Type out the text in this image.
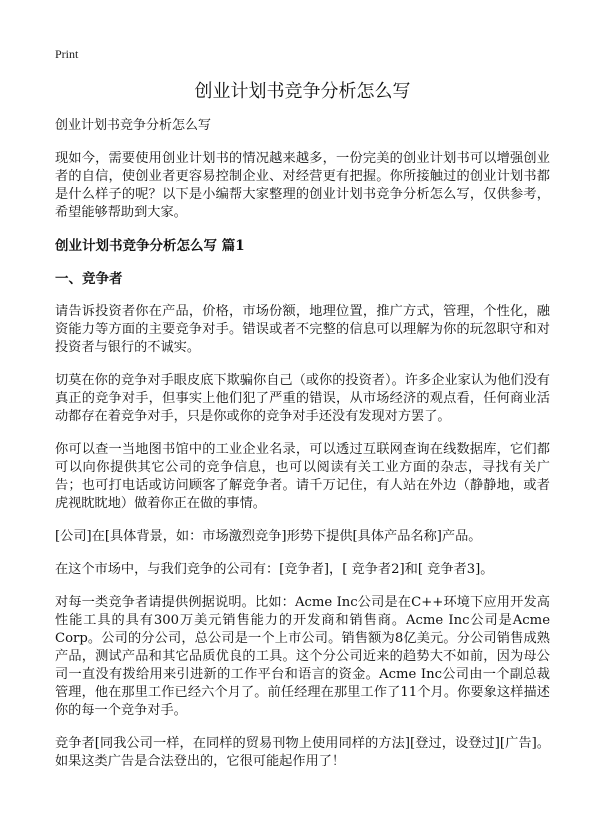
Print
创业计划书竞争分析怎么写
创业计划书竞争分析怎么写

现如今，需要使用创业计划书的情况越来越多，一份完美的创业计划书可以增强创业者的自信，使创业者更容易控制企业、对经营更有把握。你所接触过的创业计划书都是什么样子的呢？以下是小编帮大家整理的创业计划书竞争分析怎么写，仅供参考，希望能够帮助到大家。

创业计划书竞争分析怎么写 篇1
一、竞争者

请告诉投资者你在产品，价格，市场份额，地理位置，推广方式，管理，个性化，融资能力等方面的主要竞争对手。错误或者不完整的信息可以理解为你的玩忽职守和对投资者与银行的不诚实。

切莫在你的竞争对手眼皮底下欺骗你自己（或你的投资者）。许多企业家认为他们没有真正的竞争对手，但事实上他们犯了严重的错误，从市场经济的观点看，任何商业活动都存在着竞争对手，只是你或你的竞争对手还没有发现对方罢了。

你可以查一当地图书馆中的工业企业名录，可以透过互联网查询在线数据库，它们都可以向你提供其它公司的竞争信息，也可以阅读有关工业方面的杂志，寻找有关广告；也可打电话或访问顾客了解竞争者。请千万记住，有人站在外边（静静地，或者虎视眈眈地）做着你正在做的事情。

[公司]在[具体背景，如：市场激烈竞争]形势下提供[具体产品名称]产品。

在这个市场中，与我们竞争的公司有：[竞争者]，[ 竞争者2]和[ 竞争者3]。

对每一类竞争者请提供例据说明。比如：Acme Inc公司是在C++环境下应用开发高性能工具的具有300万美元销售能力的开发商和销售商。Acme Inc公司是Acme Corp。公司的分公司，总公司是一个上市公司。销售额为8亿美元。分公司销售成熟产品，测试产品和其它品质优良的工具。这个分公司近来的趋势大不如前，因为母公司一直没有拨给用来引进新的工作平台和语言的资金。Acme Inc公司由一个副总裁管理，他在那里工作已经六个月了。前任经理在那里工作了11个月。你要象这样描述你的每一个竞争对手。

竞争者[同我公司一样，在同样的贸易刊物上使用同样的方法][登过，设登过][广告]。如果这类广告是合法登出的，它很可能起作用了！
